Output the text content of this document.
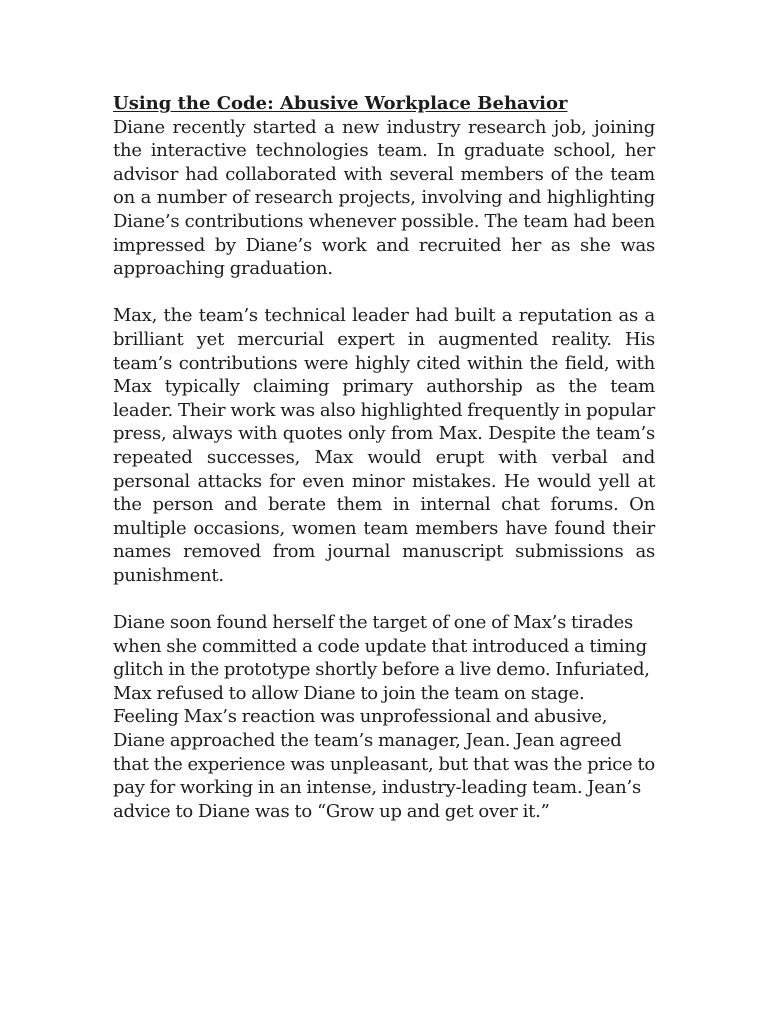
Using the Code: Abusive Workplace Behavior

Diane recently started a new industry research job, joining the interactive technologies team. In graduate school, her advisor had collaborated with several members of the team on a number of research projects, involving and highlighting Diane’s contributions whenever possible. The team had been impressed by Diane’s work and recruited her as she was approaching graduation.

Max, the team’s technical leader had built a reputation as a brilliant yet mercurial expert in augmented reality. His team’s contributions were highly cited within the field, with Max typically claiming primary authorship as the team leader. Their work was also highlighted frequently in popular press, always with quotes only from Max. Despite the team’s repeated successes, Max would erupt with verbal and personal attacks for even minor mistakes. He would yell at the person and berate them in internal chat forums. On multiple occasions, women team members have found their names removed from journal manuscript submissions as punishment.

Diane soon found herself the target of one of Max’s tirades when she committed a code update that introduced a timing glitch in the prototype shortly before a live demo. Infuriated, Max refused to allow Diane to join the team on stage. Feeling Max’s reaction was unprofessional and abusive, Diane approached the team’s manager, Jean. Jean agreed that the experience was unpleasant, but that was the price to pay for working in an intense, industry-leading team. Jean’s advice to Diane was to “Grow up and get over it.”
